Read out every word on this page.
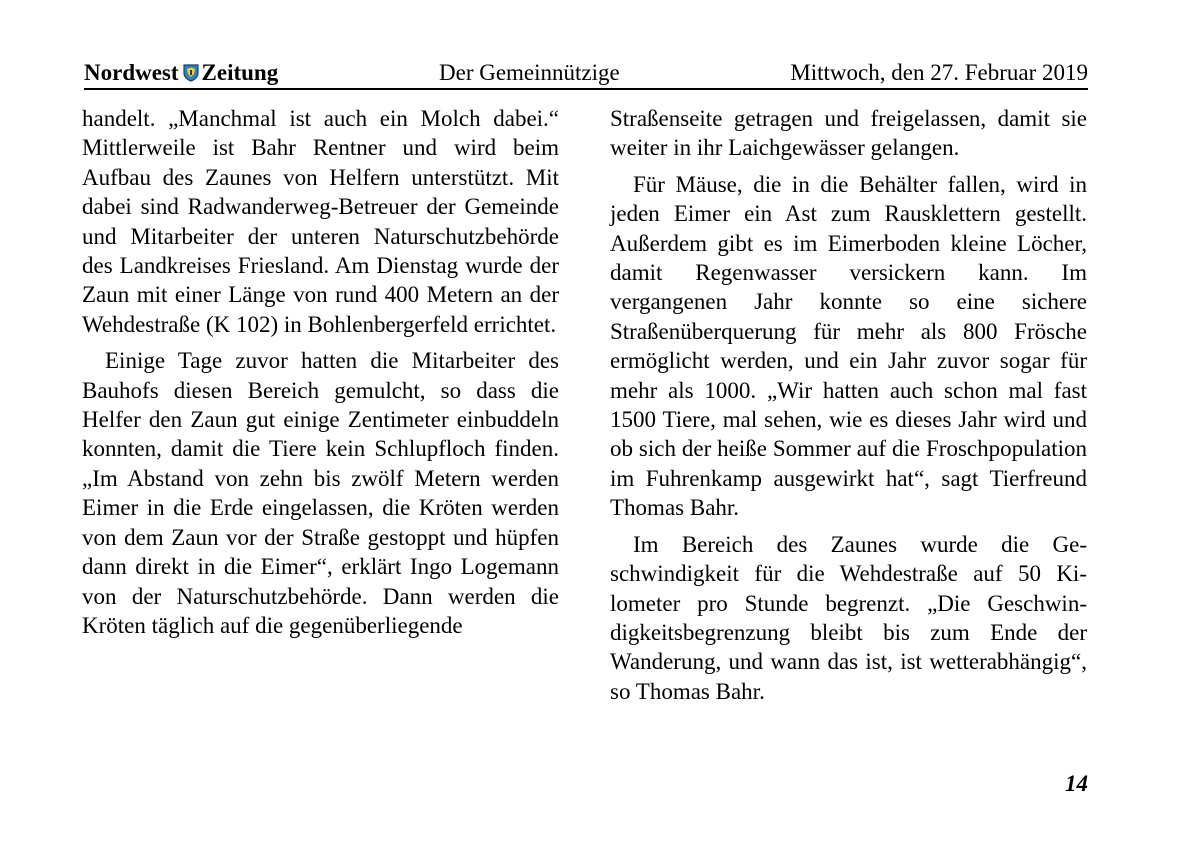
Nordwest Zeitung	Der Gemeinnützige	Mittwoch, den 27. Februar 2019

handelt. „Manchmal ist auch ein Molch dabei.“ Mittlerweile ist Bahr Rentner und wird beim Aufbau des Zaunes von Helfern unterstützt. Mit dabei sind Radwanderweg-Betreuer der Gemeinde und Mitarbeiter der unteren Naturschutzbehörde des Landkreises Friesland. Am Dienstag wurde der Zaun mit einer Länge von rund 400 Metern an der Wehdestraße (K 102) in Bohlenbergerfeld errichtet.

Einige Tage zuvor hatten die Mitarbeiter des Bauhofs diesen Bereich gemulcht, so dass die Helfer den Zaun gut einige Zentimeter einbuddeln konnten, damit die Tiere kein Schlupfloch finden. „Im Abstand von zehn bis zwölf Metern werden Eimer in die Erde eingelassen, die Kröten werden von dem Zaun vor der Straße gestoppt und hüpfen dann direkt in die Eimer“, erklärt Ingo Logemann von der Naturschutzbehörde. Dann werden die Kröten täglich auf die gegenüberliegende

Straßenseite getragen und freigelassen, damit sie weiter in ihr Laichgewässer gelangen.

Für Mäuse, die in die Behälter fallen, wird in jeden Eimer ein Ast zum Rausklettern gestellt. Außerdem gibt es im Eimerboden kleine Löcher, damit Regenwasser versickern kann. Im vergangenen Jahr konnte so eine sichere Straßenüberquerung für mehr als 800 Frösche ermöglicht werden, und ein Jahr zuvor sogar für mehr als 1000. „Wir hatten auch schon mal fast 1500 Tiere, mal sehen, wie es dieses Jahr wird und ob sich der heiße Sommer auf die Froschpopulation im Fuhrenkamp ausgewirkt hat“, sagt Tierfreund Thomas Bahr.

Im Bereich des Zaunes wurde die Geschwindigkeit für die Wehdestraße auf 50 Kilometer pro Stunde begrenzt. „Die Geschwindigkeitsbegrenzung bleibt bis zum Ende der Wanderung, und wann das ist, ist wetterabhängig“, so Thomas Bahr.

14
